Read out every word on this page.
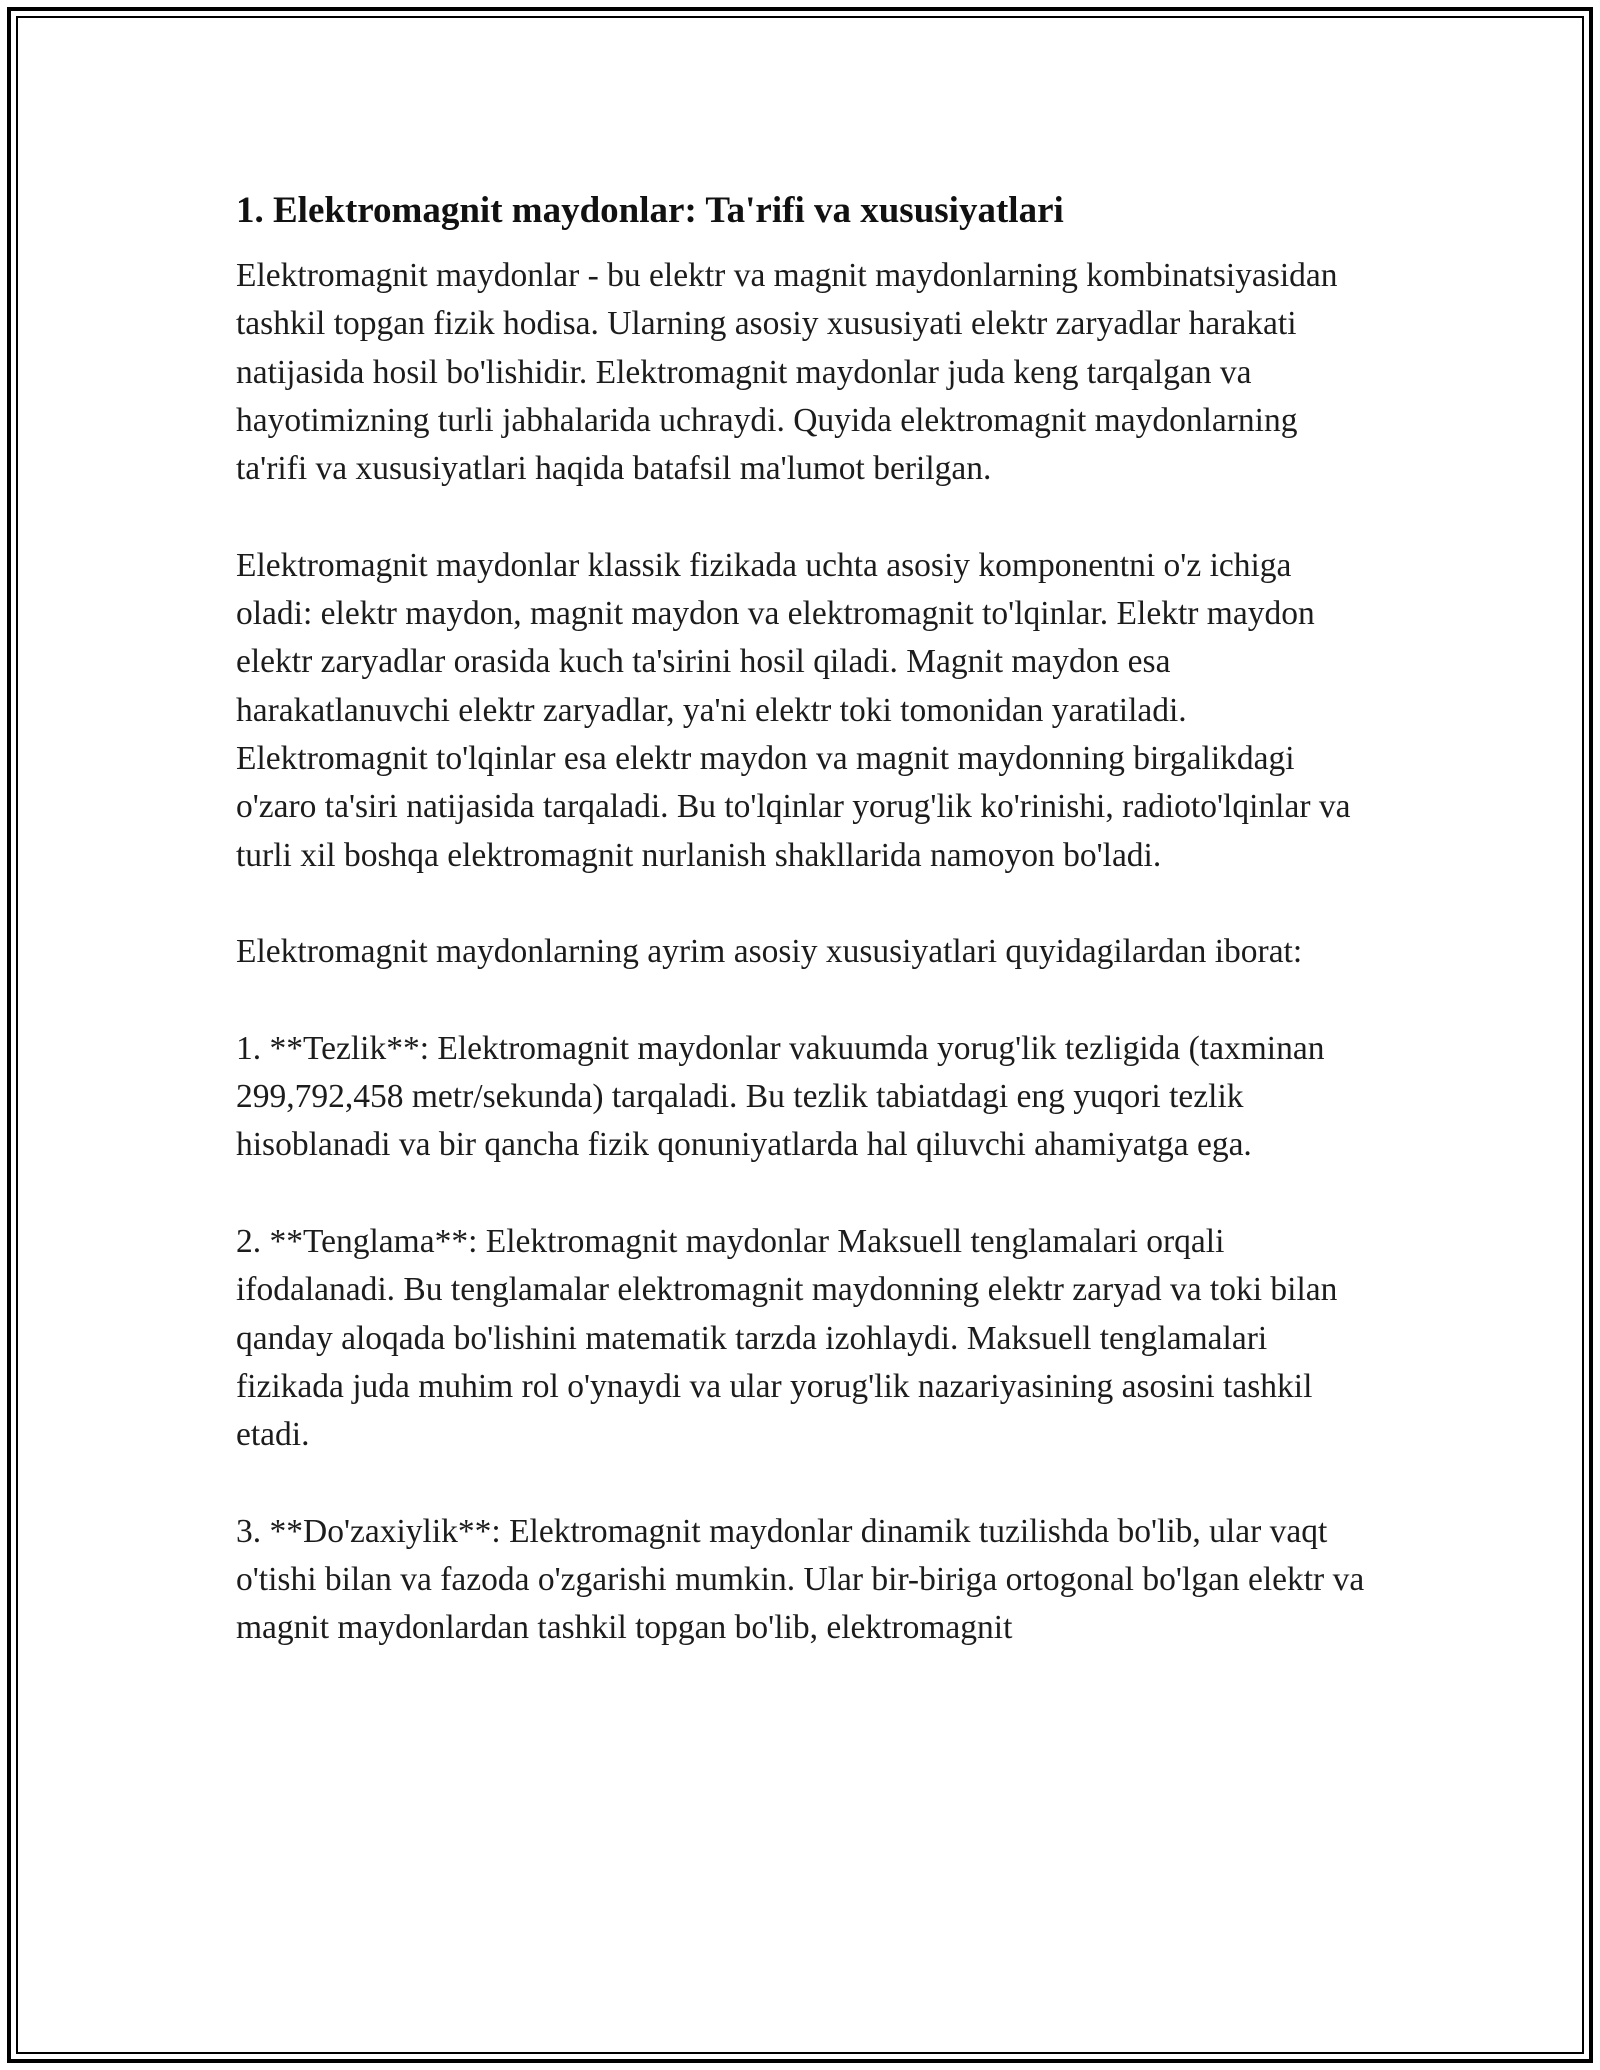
1. Elektromagnit maydonlar: Ta'rifi va xususiyatlari

Elektromagnit maydonlar - bu elektr va magnit maydonlarning kombinatsiyasidan tashkil topgan fizik hodisa. Ularning asosiy xususiyati elektr zaryadlar harakati natijasida hosil bo'lishidir. Elektromagnit maydonlar juda keng tarqalgan va hayotimizning turli jabhalarida uchraydi. Quyida elektromagnit maydonlarning ta'rifi va xususiyatlari haqida batafsil ma'lumot berilgan.

Elektromagnit maydonlar klassik fizikada uchta asosiy komponentni o'z ichiga oladi: elektr maydon, magnit maydon va elektromagnit to'lqinlar. Elektr maydon elektr zaryadlar orasida kuch ta'sirini hosil qiladi. Magnit maydon esa harakatlanuvchi elektr zaryadlar, ya'ni elektr toki tomonidan yaratiladi. Elektromagnit to'lqinlar esa elektr maydon va magnit maydonning birgalikdagi o'zaro ta'siri natijasida tarqaladi. Bu to'lqinlar yorug'lik ko'rinishi, radioto'lqinlar va turli xil boshqa elektromagnit nurlanish shakllarida namoyon bo'ladi.

Elektromagnit maydonlarning ayrim asosiy xususiyatlari quyidagilardan iborat:

1. **Tezlik**: Elektromagnit maydonlar vakuumda yorug'lik tezligida (taxminan 299,792,458 metr/sekunda) tarqaladi. Bu tezlik tabiatdagi eng yuqori tezlik hisoblanadi va bir qancha fizik qonuniyatlarda hal qiluvchi ahamiyatga ega.

2. **Tenglama**: Elektromagnit maydonlar Maksuell tenglamalari orqali ifodalanadi. Bu tenglamalar elektromagnit maydonning elektr zaryad va toki bilan qanday aloqada bo'lishini matematik tarzda izohlaydi. Maksuell tenglamalari fizikada juda muhim rol o'ynaydi va ular yorug'lik nazariyasining asosini tashkil etadi.

3. **Do'zaxiylik**: Elektromagnit maydonlar dinamik tuzilishda bo'lib, ular vaqt o'tishi bilan va fazoda o'zgarishi mumkin. Ular bir-biriga ortogonal bo'lgan elektr va magnit maydonlardan tashkil topgan bo'lib, elektromagnit
